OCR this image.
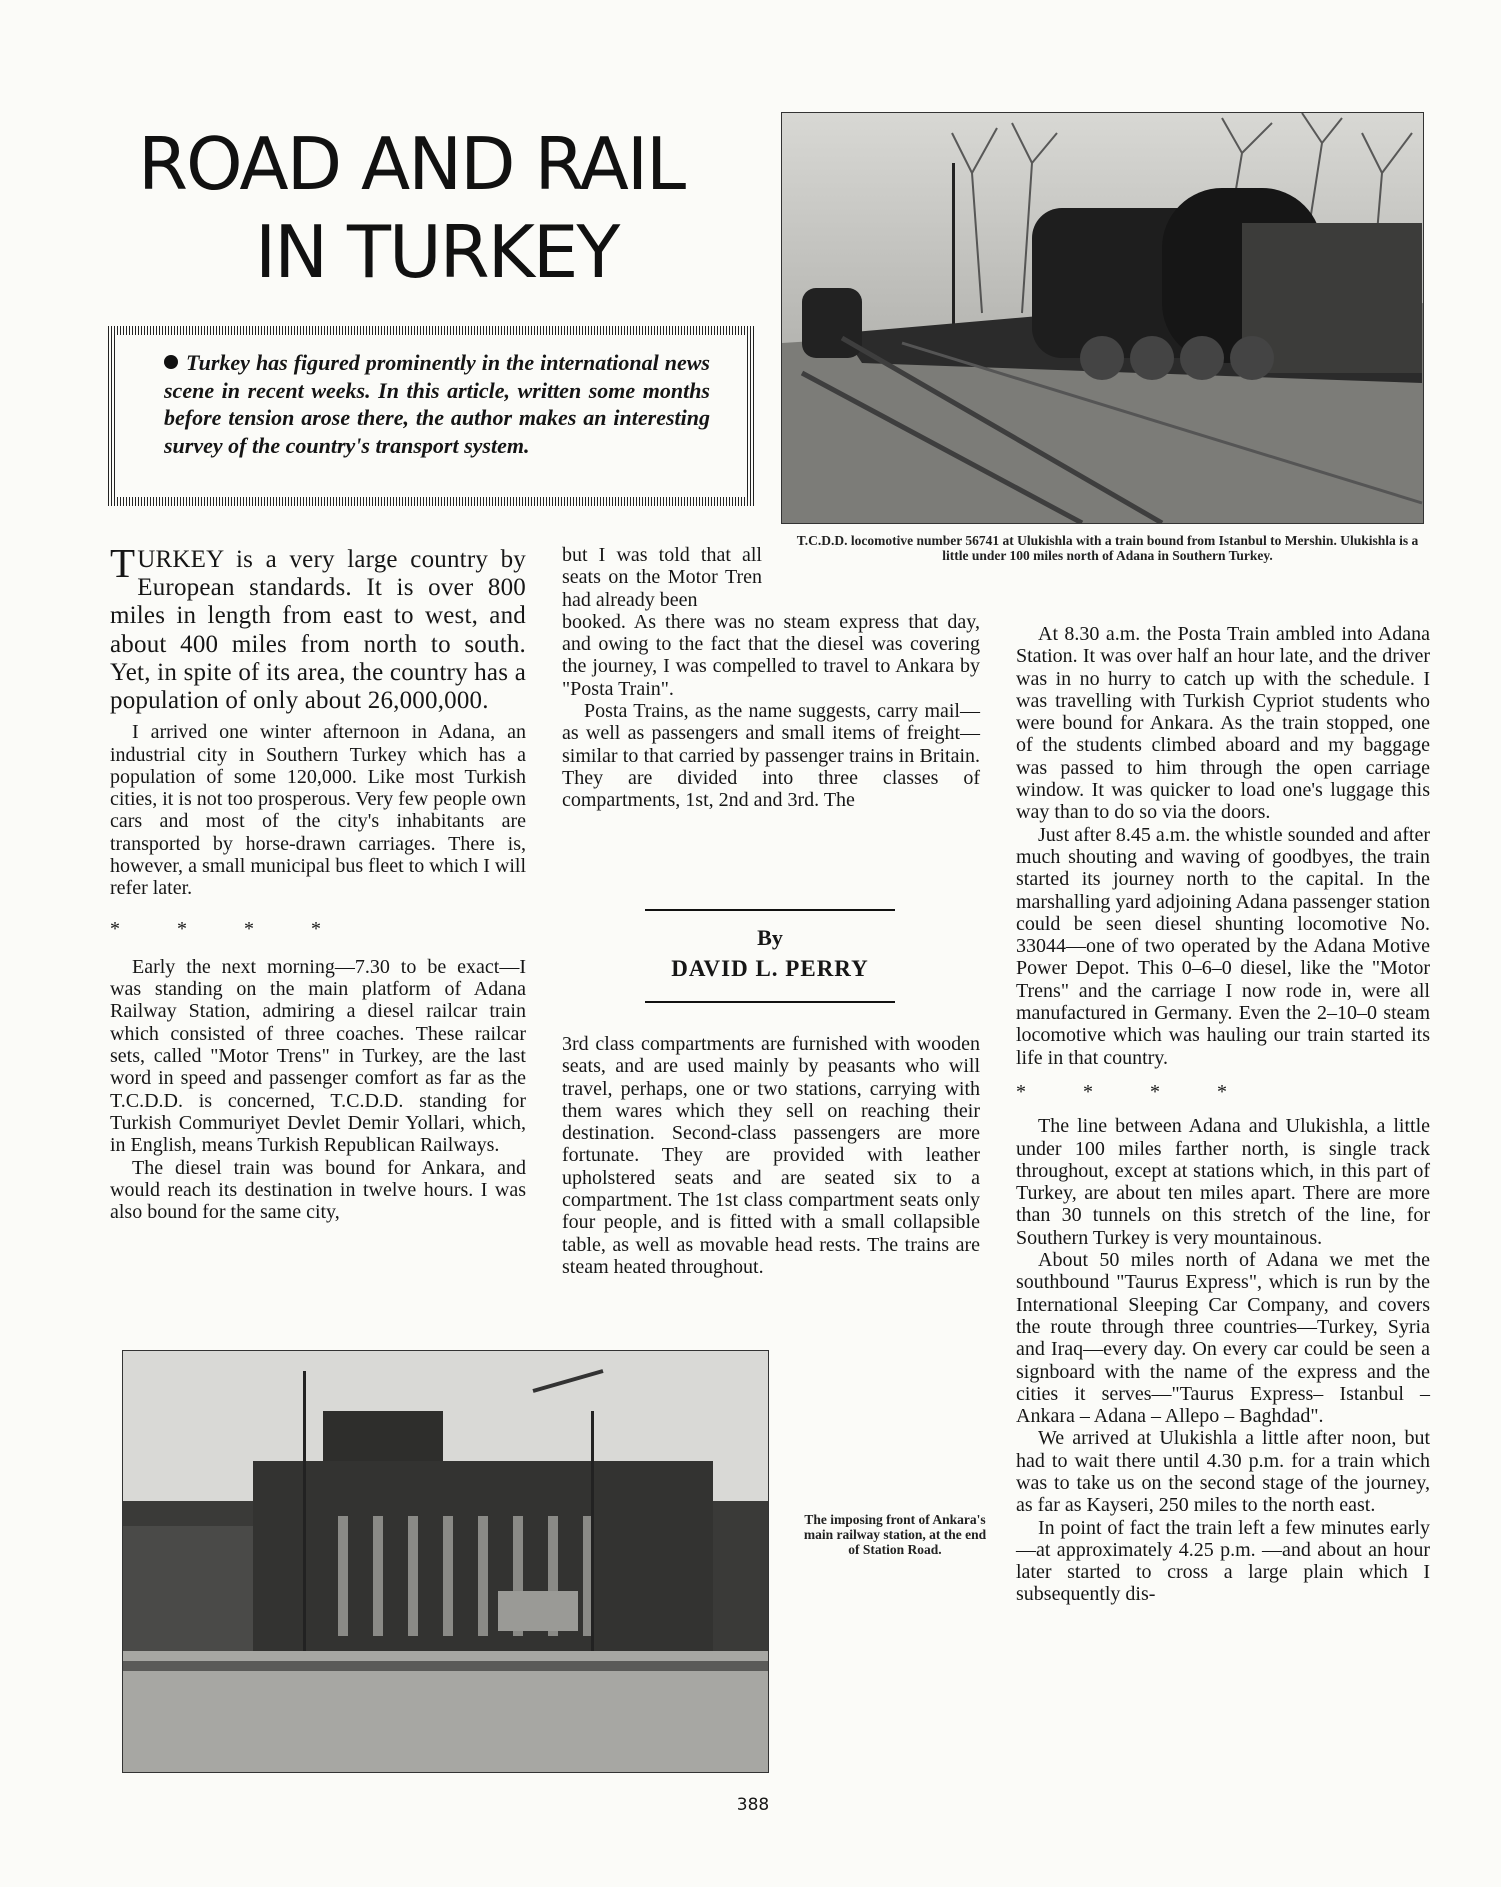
ROAD AND RAIL
IN TURKEY
Turkey has figured prominently in the international news scene in recent weeks. In this article, written some months before tension arose there, the author makes an interesting survey of the country's transport system.
T.C.D.D. locomotive number 56741 at Ulukishla with a train bound from Istanbul to Mershin. Ulukishla is a little under 100 miles north of Adana in Southern Turkey.

TURKEY is a very large country by European standards. It is over 800 miles in length from east to west, and about 400 miles from north to south. Yet, in spite of its area, the country has a population of only about 26,000,000.

I arrived one winter afternoon in Adana, an industrial city in Southern Turkey which has a population of some 120,000. Like most Turkish cities, it is not too prosperous. Very few people own cars and most of the city's inhabitants are transported by horse-drawn carriages. There is, however, a small municipal bus fleet to which I will refer later.

* * * *

Early the next morning—7.30 to be exact—I was standing on the main platform of Adana Railway Station, admiring a diesel railcar train which consisted of three coaches. These railcar sets, called "Motor Trens" in Turkey, are the last word in speed and passenger comfort as far as the T.C.D.D. is concerned, T.C.D.D. standing for Turkish Commuriyet Devlet Demir Yollari, which, in English, means Turkish Republican Railways.

The diesel train was bound for Ankara, and would reach its destination in twelve hours. I was also bound for the same city,

but I was told that all seats on the Motor Tren had already been

booked. As there was no steam express that day, and owing to the fact that the diesel was covering the journey, I was compelled to travel to Ankara by "Posta Train".

Posta Trains, as the name suggests, carry mail—as well as passengers and small items of freight—similar to that carried by passenger trains in Britain. They are divided into three classes of compartments, 1st, 2nd and 3rd. The

By
DAVID L. PERRY

3rd class compartments are furnished with wooden seats, and are used mainly by peasants who will travel, perhaps, one or two stations, carrying with them wares which they sell on reaching their destination. Second-class passengers are more fortunate. They are provided with leather upholstered seats and are seated six to a compartment. The 1st class compartment seats only four people, and is fitted with a small collapsible table, as well as movable head rests. The trains are steam heated throughout.

At 8.30 a.m. the Posta Train ambled into Adana Station. It was over half an hour late, and the driver was in no hurry to catch up with the schedule. I was travelling with Turkish Cypriot students who were bound for Ankara. As the train stopped, one of the students climbed aboard and my baggage was passed to him through the open carriage window. It was quicker to load one's luggage this way than to do so via the doors.

Just after 8.45 a.m. the whistle sounded and after much shouting and waving of goodbyes, the train started its journey north to the capital. In the marshalling yard adjoining Adana passenger station could be seen diesel shunting locomotive No. 33044—one of two operated by the Adana Motive Power Depot. This 0–6–0 diesel, like the "Motor Trens" and the carriage I now rode in, were all manufactured in Germany. Even the 2–10–0 steam locomotive which was hauling our train started its life in that country.

* * * *

The line between Adana and Ulukishla, a little under 100 miles farther north, is single track throughout, except at stations which, in this part of Turkey, are about ten miles apart. There are more than 30 tunnels on this stretch of the line, for Southern Turkey is very mountainous.

About 50 miles north of Adana we met the southbound "Taurus Express", which is run by the International Sleeping Car Company, and covers the route through three countries—Turkey, Syria and Iraq—every day. On every car could be seen a signboard with the name of the express and the cities it serves—"Taurus Express– Istanbul – Ankara – Adana – Allepo – Baghdad".

We arrived at Ulukishla a little after noon, but had to wait there until 4.30 p.m. for a train which was to take us on the second stage of the journey, as far as Kayseri, 250 miles to the north east.

In point of fact the train left a few minutes early—at approximately 4.25 p.m. —and about an hour later started to cross a large plain which I subsequently dis-

The imposing front of Ankara's main railway station, at the end of Station Road.
388
